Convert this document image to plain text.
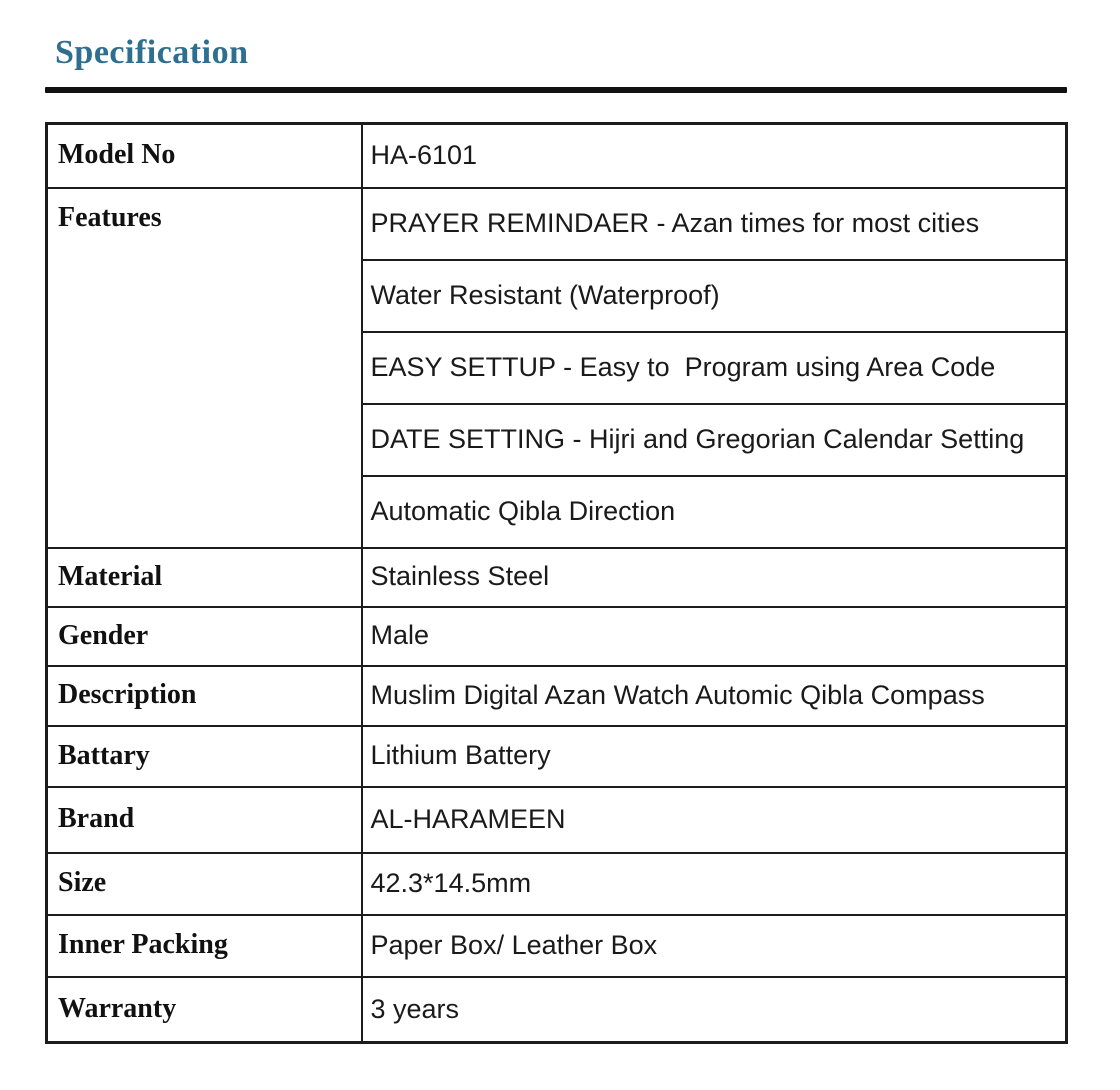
Specification
Model No	HA-6101
Features	PRAYER REMINDAER - Azan times for most cities
	Water Resistant (Waterproof)
	EASY SETTUP - Easy to  Program using Area Code
	DATE SETTING - Hijri and Gregorian Calendar Setting
	Automatic Qibla Direction
Material	Stainless Steel
Gender	Male
Description	Muslim Digital Azan Watch Automic Qibla Compass
Battary	Lithium Battery
Brand	AL-HARAMEEN
Size	42.3*14.5mm
Inner Packing	Paper Box/ Leather Box
Warranty	3 years
